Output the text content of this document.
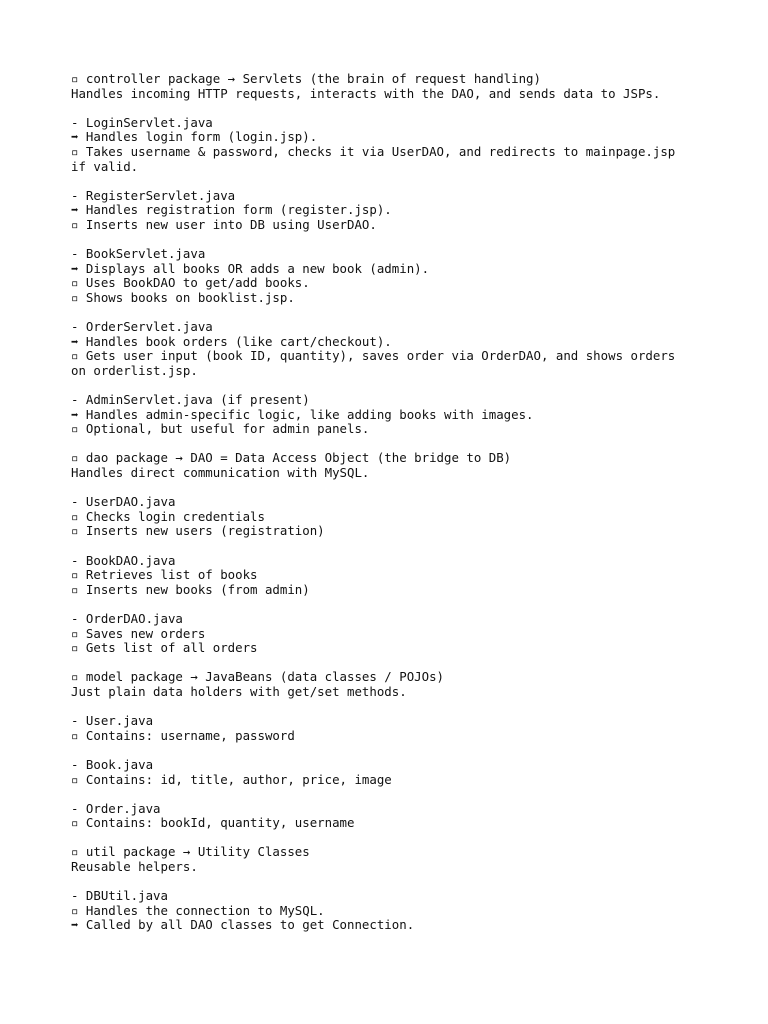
▫ controller package → Servlets (the brain of request handling)
Handles incoming HTTP requests, interacts with the DAO, and sends data to JSPs.
- LoginServlet.java
➡ Handles login form (login.jsp).
▫ Takes username & password, checks it via UserDAO, and redirects to mainpage.jsp
if valid.
- RegisterServlet.java
➡ Handles registration form (register.jsp).
▫ Inserts new user into DB using UserDAO.
- BookServlet.java
➡ Displays all books OR adds a new book (admin).
▫ Uses BookDAO to get/add books.
▫ Shows books on booklist.jsp.
- OrderServlet.java
➡ Handles book orders (like cart/checkout).
▫ Gets user input (book ID, quantity), saves order via OrderDAO, and shows orders
on orderlist.jsp.
- AdminServlet.java (if present)
➡ Handles admin-specific logic, like adding books with images.
▫ Optional, but useful for admin panels.
▫ dao package → DAO = Data Access Object (the bridge to DB)
Handles direct communication with MySQL.
- UserDAO.java
▫ Checks login credentials
▫ Inserts new users (registration)
- BookDAO.java
▫ Retrieves list of books
▫ Inserts new books (from admin)
- OrderDAO.java
▫ Saves new orders
▫ Gets list of all orders
▫ model package → JavaBeans (data classes / POJOs)
Just plain data holders with get/set methods.
- User.java
▫ Contains: username, password
- Book.java
▫ Contains: id, title, author, price, image
- Order.java
▫ Contains: bookId, quantity, username
▫ util package → Utility Classes
Reusable helpers.
- DBUtil.java
▫ Handles the connection to MySQL.
➡ Called by all DAO classes to get Connection.
